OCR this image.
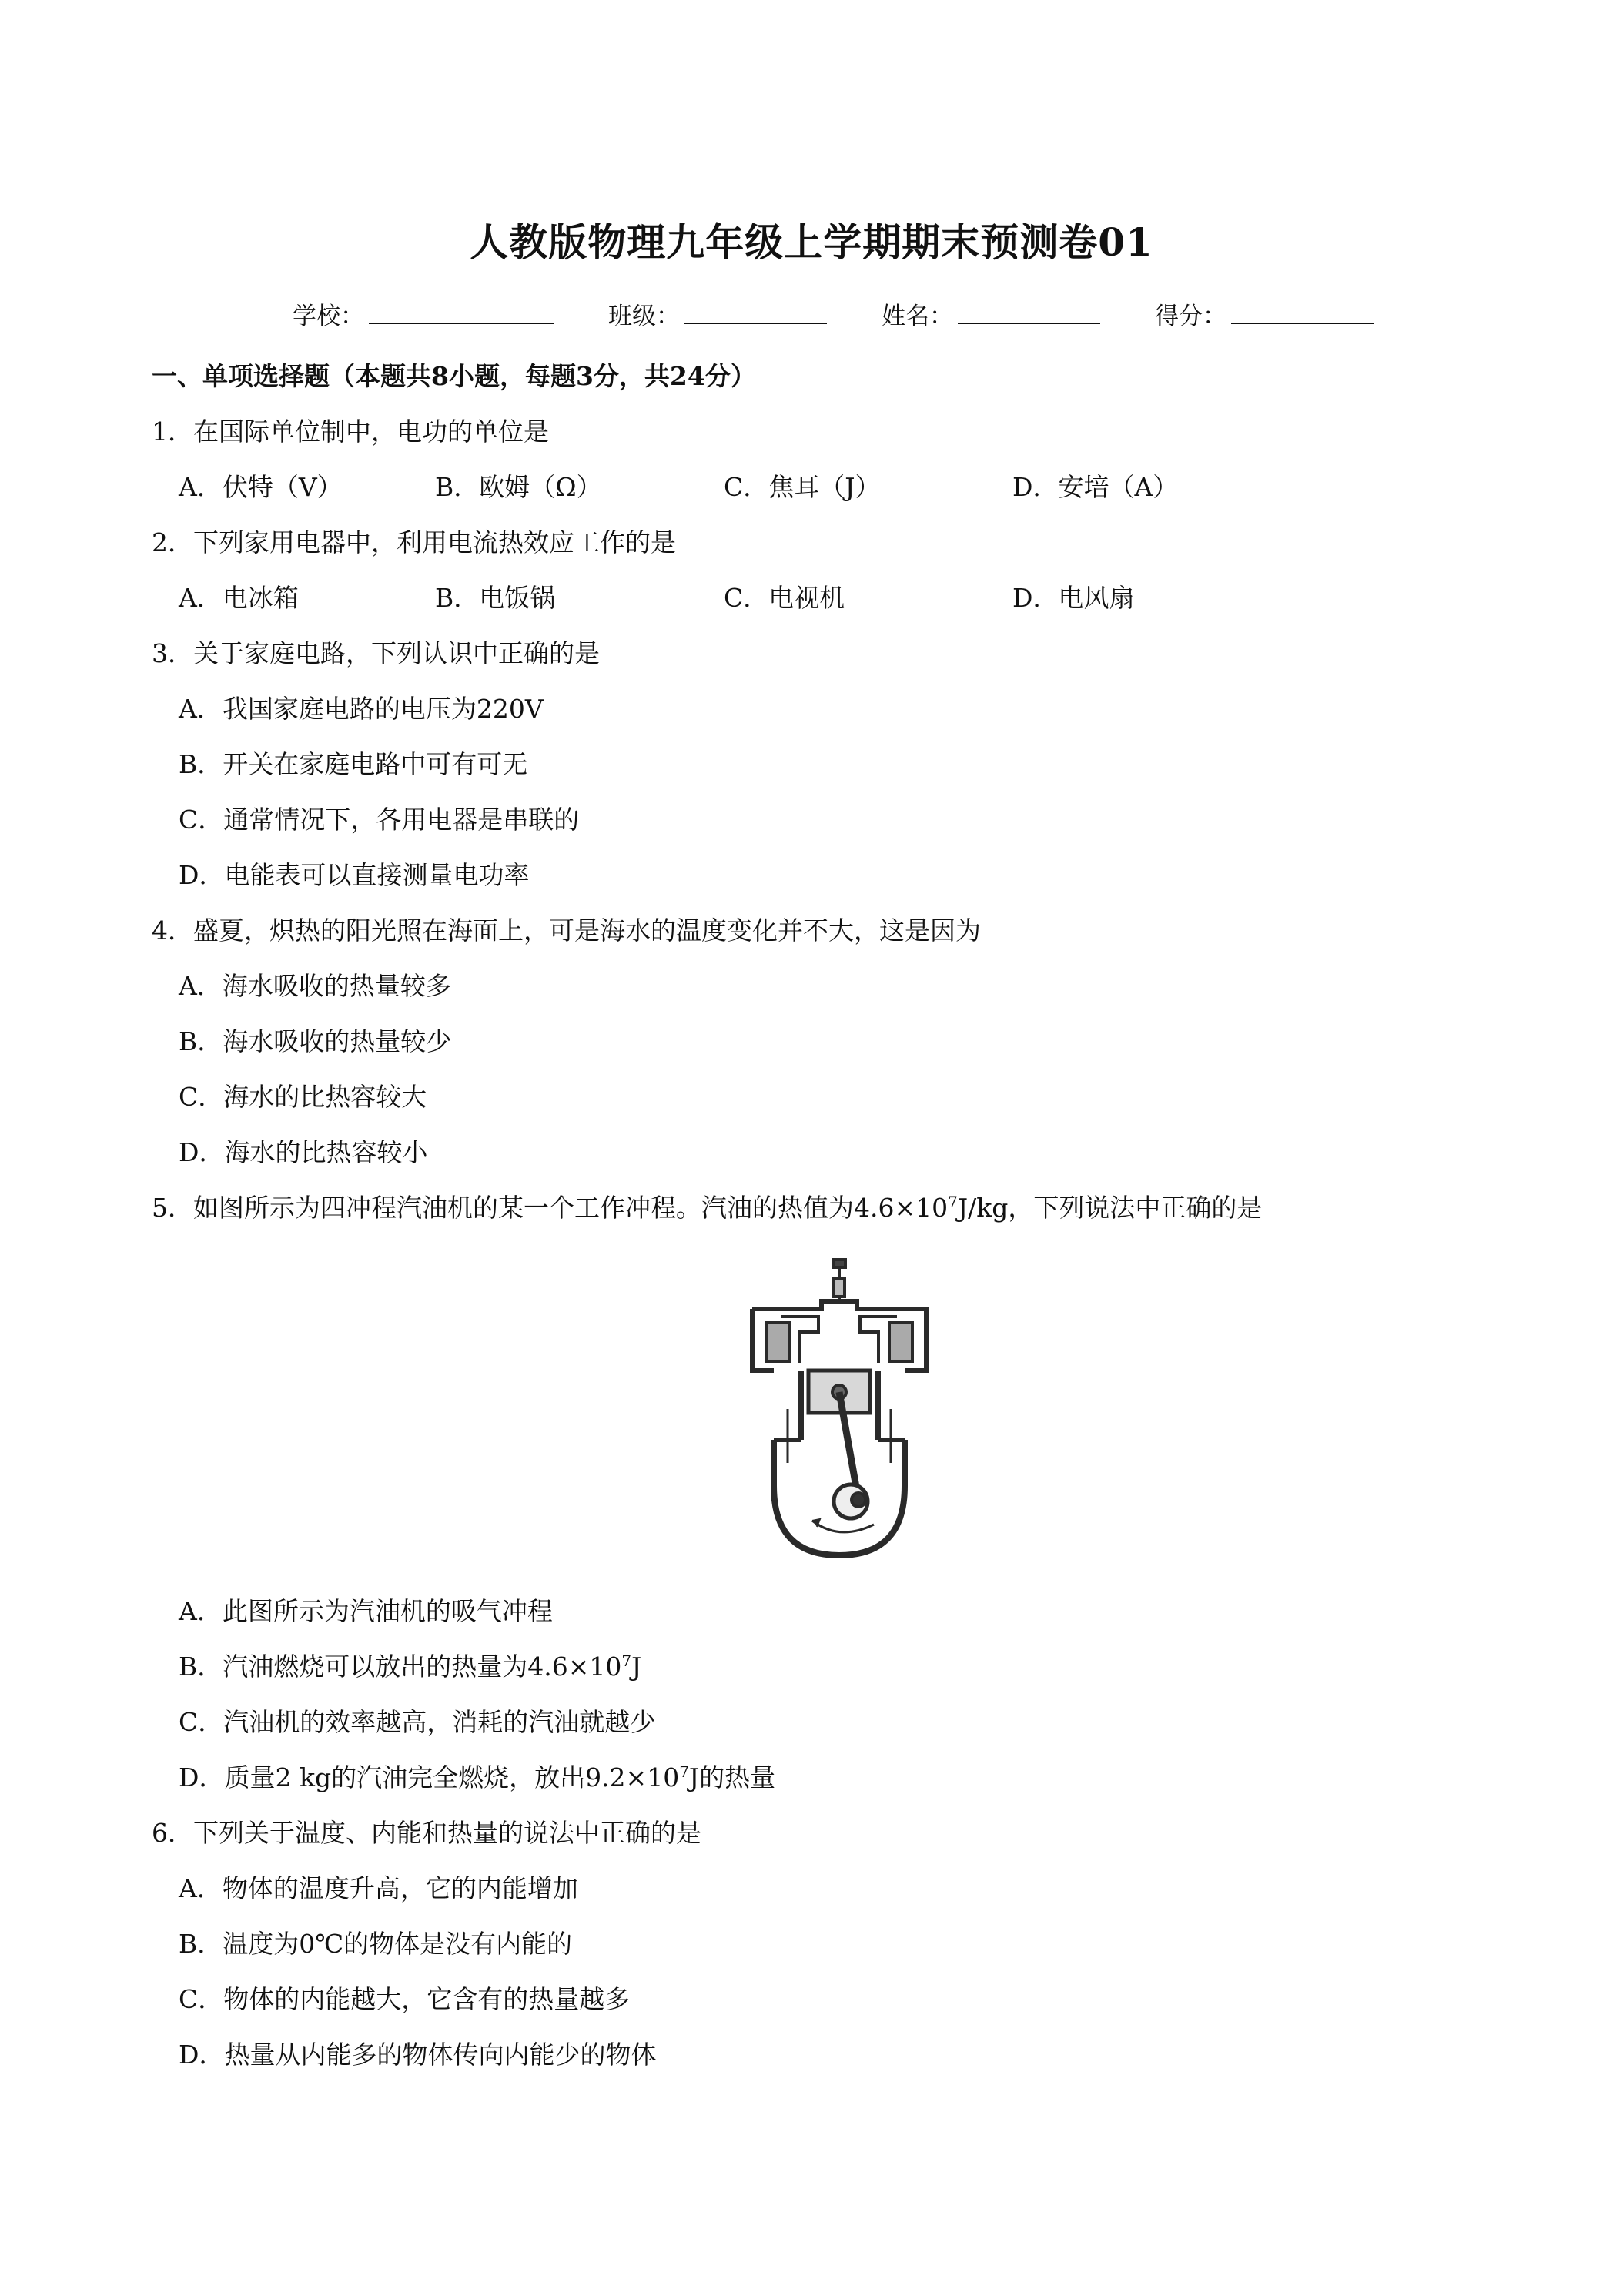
人教版物理九年级上学期期末预测卷01
学校：	班级：	姓名：	得分：
一、单项选择题（本题共8小题，每题3分，共24分）
1．在国际单位制中，电功的单位是
A．伏特（V）	B．欧姆（Ω）	C．焦耳（J）	D．安培（A）
2．下列家用电器中，利用电流热效应工作的是
A．电冰箱	B．电饭锅	C．电视机	D．电风扇
3．关于家庭电路，下列认识中正确的是
A．我国家庭电路的电压为220V
B．开关在家庭电路中可有可无
C．通常情况下，各用电器是串联的
D．电能表可以直接测量电功率
4．盛夏，炽热的阳光照在海面上，可是海水的温度变化并不大，这是因为
A．海水吸收的热量较多
B．海水吸收的热量较少
C．海水的比热容较大
D．海水的比热容较小
5．如图所示为四冲程汽油机的某一个工作冲程。汽油的热值为$4.6\times 10^7J/kg$，下列说法中正确的是
A．此图所示为汽油机的吸气冲程
B．汽油燃烧可以放出的热量为$4.6\times 10^7J$
C．汽油机的效率越高，消耗的汽油就越少
D．质量2 kg的汽油完全燃烧，放出$9.2\times 10^7J$的热量
6．下列关于温度、内能和热量的说法中正确的是
A．物体的温度升高，它的内能增加
B．温度为0℃的物体是没有内能的
C．物体的内能越大，它含有的热量越多
D．热量从内能多的物体传向内能少的物体
